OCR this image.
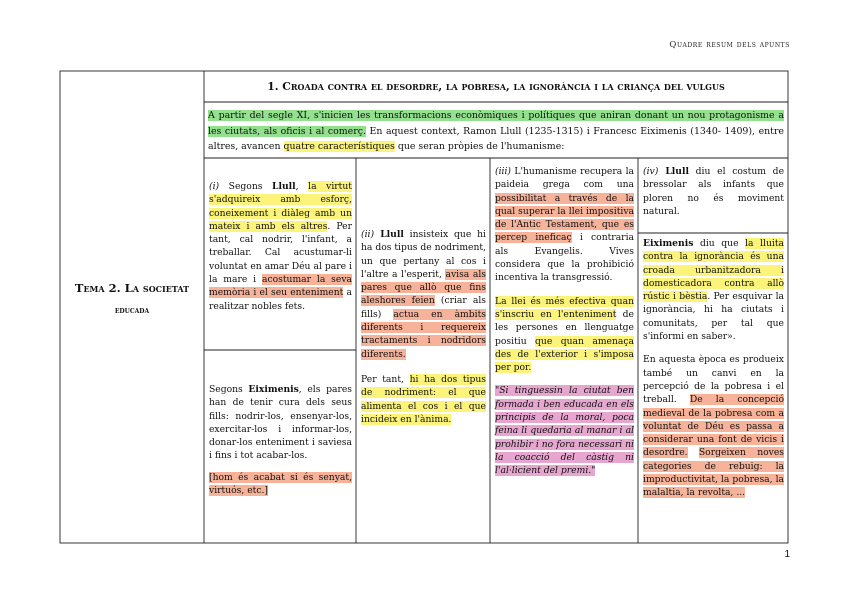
Quadre resum dels apunts
Tema 2. La societat
educada
1. Croada contra el desordre, la pobresa, la ignorància i la criança del vulgus
A partir del segle XI, s'inicien les transformacions econòmiques i polítiques que aniran donant un nou protagonisme a les ciutats, als oficis i al comerç. En aquest context, Ramon Llull (1235-1315) i Francesc Eiximenis (1340- 1409), entre altres, avancen quatre característiques que seran pròpies de l'humanisme:
(i) Segons Llull, la virtut s'adquireix amb esforç, coneixement i diàleg amb un mateix i amb els altres. Per tant, cal nodrir, l'infant, a treballar. Cal acustumar-li voluntat en amar Déu al pare i la mare i acostumar la seva memòria i el seu enteniment a realitzar nobles fets.
Segons Eiximenis, els pares han de tenir cura dels seus fills: nodrir-los, ensenyar-los, exercitar-los i informar-los, donar-los enteniment i saviesa i fins i tot acabar-los.
[hom és acabat si és senyat, virtuós, etc.]
(ii) Llull insisteix que hi ha dos tipus de nodriment, un que pertany al cos i l'altre a l'esperit, avisa als pares que allò que fins aleshores feien (criar als fills) actua en àmbits diferents i requereix tractaments i nodridors diferents.
Per tant, hi ha dos tipus de nodriment: el que alimenta el cos i el que incideix en l'ànima.
(iii) L'humanisme recupera la paideia grega com una possibilitat a través de la qual superar la llei impositiva de l'Antic Testament, que es percep ineficaç i contraria als Evangelis. Vives considera que la prohibició incentiva la transgressió.
La llei és més efectiva quan s'inscriu en l'enteniment de les persones en llenguatge positiu que quan amenaça des de l'exterior i s'imposa per por.
"Si tinguessin la ciutat ben formada i ben educada en els principis de la moral, poca feina li quedaria al manar i al prohibir i no fora necessari ni la coacció del càstig ni l'al·licient del premi."
(iv) Llull diu el costum de bressolar als infants que ploren no és moviment natural.
Eiximenis diu que la lluita contra la ignorància és una croada urbanitzadora i domesticadora contra allò rústic i bèstia. Per esquivar la ignorància, hi ha ciutats i comunitats, per tal que s'informi en saber».
En aquesta època es produeix també un canvi en la percepció de la pobresa i el treball. De la concepció medieval de la pobresa com a voluntat de Déu es passa a considerar una font de vicis i desordre. Sorgeixen noves categories de rebuig: la improductivitat, la pobresa, la malaltia, la revolta, ...
1
